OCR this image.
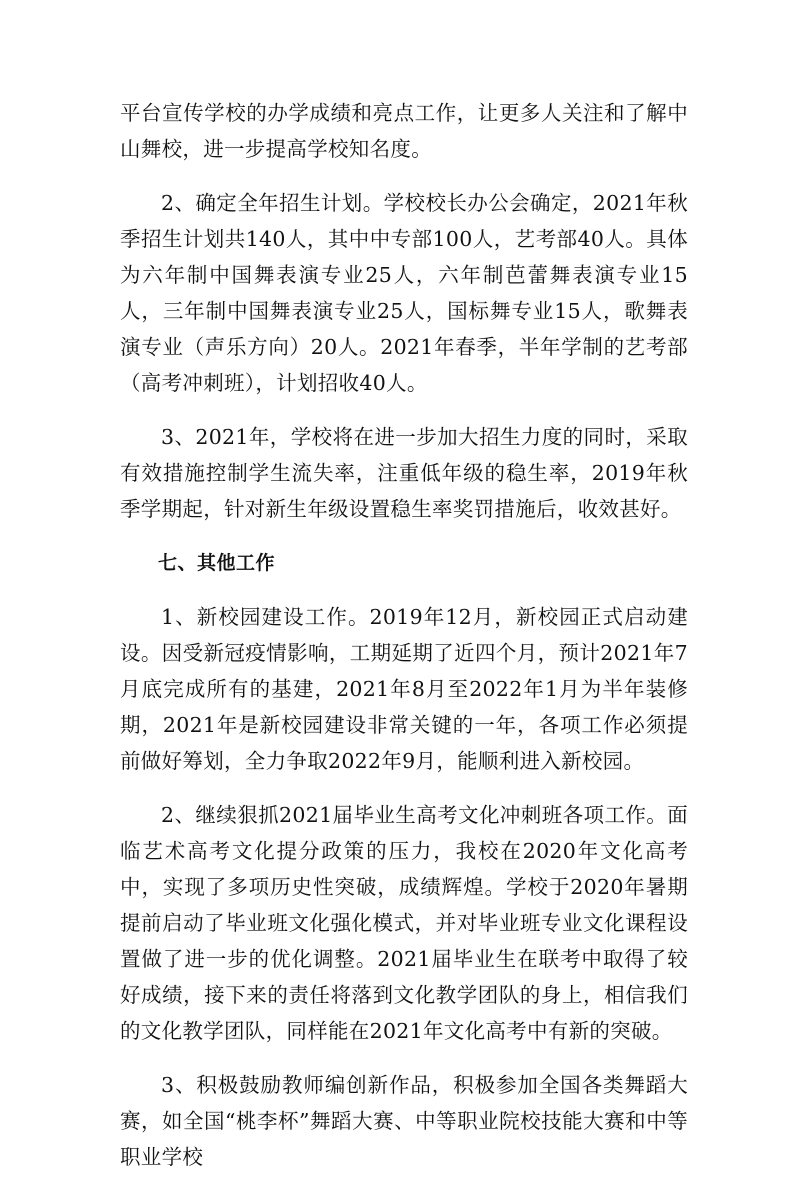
平台宣传学校的办学成绩和亮点工作，让更多人关注和了解中山舞校，进一步提高学校知名度。

2、确定全年招生计划。学校校长办公会确定，2021年秋季招生计划共140人，其中中专部100人，艺考部40人。具体为六年制中国舞表演专业25人，六年制芭蕾舞表演专业15人，三年制中国舞表演专业25人，国标舞专业15人，歌舞表演专业（声乐方向）20人。2021年春季，半年学制的艺考部（高考冲刺班），计划招收40人。

3、2021年，学校将在进一步加大招生力度的同时，采取有效措施控制学生流失率，注重低年级的稳生率，2019年秋季学期起，针对新生年级设置稳生率奖罚措施后，收效甚好。

七、其他工作

1、新校园建设工作。2019年12月，新校园正式启动建设。因受新冠疫情影响，工期延期了近四个月，预计2021年7月底完成所有的基建，2021年8月至2022年1月为半年装修期，2021年是新校园建设非常关键的一年，各项工作必须提前做好筹划，全力争取2022年9月，能顺利进入新校园。

2、继续狠抓2021届毕业生高考文化冲刺班各项工作。面临艺术高考文化提分政策的压力，我校在2020年文化高考中，实现了多项历史性突破，成绩辉煌。学校于2020年暑期提前启动了毕业班文化强化模式，并对毕业班专业文化课程设置做了进一步的优化调整。2021届毕业生在联考中取得了较好成绩，接下来的责任将落到文化教学团队的身上，相信我们的文化教学团队，同样能在2021年文化高考中有新的突破。

3、积极鼓励教师编创新作品，积极参加全国各类舞蹈大赛，如全国“桃李杯”舞蹈大赛、中等职业院校技能大赛和中等职业学校
